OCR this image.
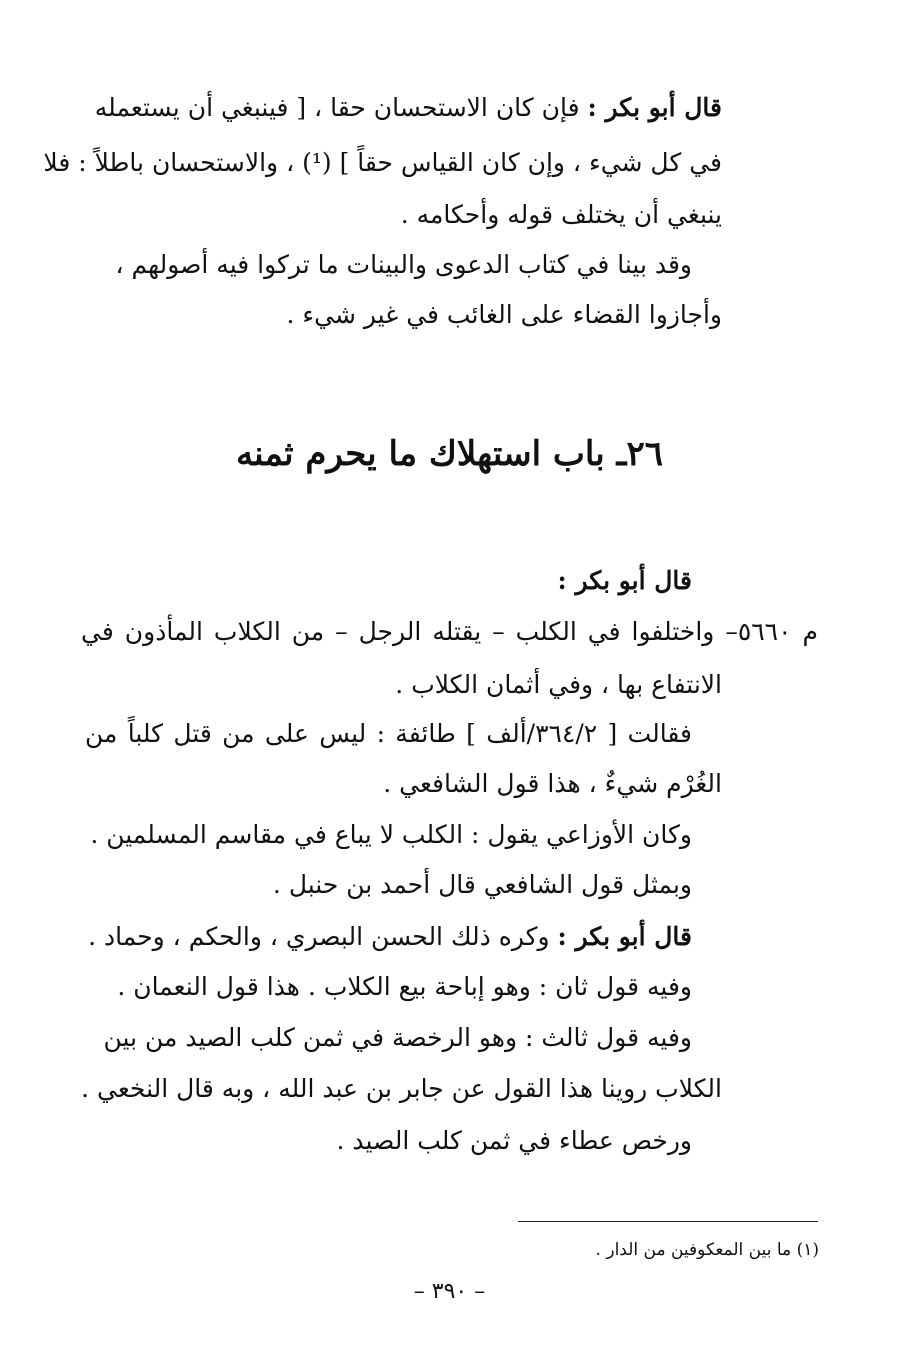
قال أبو بكر : فإن كان الاستحسان حقا ، [ فينبغي أن يستعمله
في كل شيء ، وإن كان القياس حقاً ] (¹) ، والاستحسان باطلاً : فلا
ينبغي أن يختلف قوله وأحكامه .
وقد بينا في كتاب الدعوى والبينات ما تركوا فيه أصولهم ،
وأجازوا القضاء على الغائب في غير شيء .
٢٦ـ باب استهلاك ما يحرم ثمنه
قال أبو بكر :
م ٥٦٦٠– واختلفوا في الكلب – يقتله الرجل – من الكلاب المأذون في
الانتفاع بها ، وفي أثمان الكلاب .
فقالت [ ٣٦٤/٢/ألف ] طائفة : ليس على من قتل كلباً من
الغُرْم شيءٌ ، هذا قول الشافعي .
وكان الأوزاعي يقول : الكلب لا يباع في مقاسم المسلمين .
وبمثل قول الشافعي قال أحمد بن حنبل .
قال أبو بكر : وكره ذلك الحسن البصري ، والحكم ، وحماد .
وفيه قول ثان : وهو إباحة بيع الكلاب . هذا قول النعمان .
وفيه قول ثالث : وهو الرخصة في ثمن كلب الصيد من بين
الكلاب روينا هذا القول عن جابر بن عبد الله ، وبه قال النخعي .
ورخص عطاء في ثمن كلب الصيد .
(١) ما بين المعكوفين من الدار .
– ٣٩٠ –
